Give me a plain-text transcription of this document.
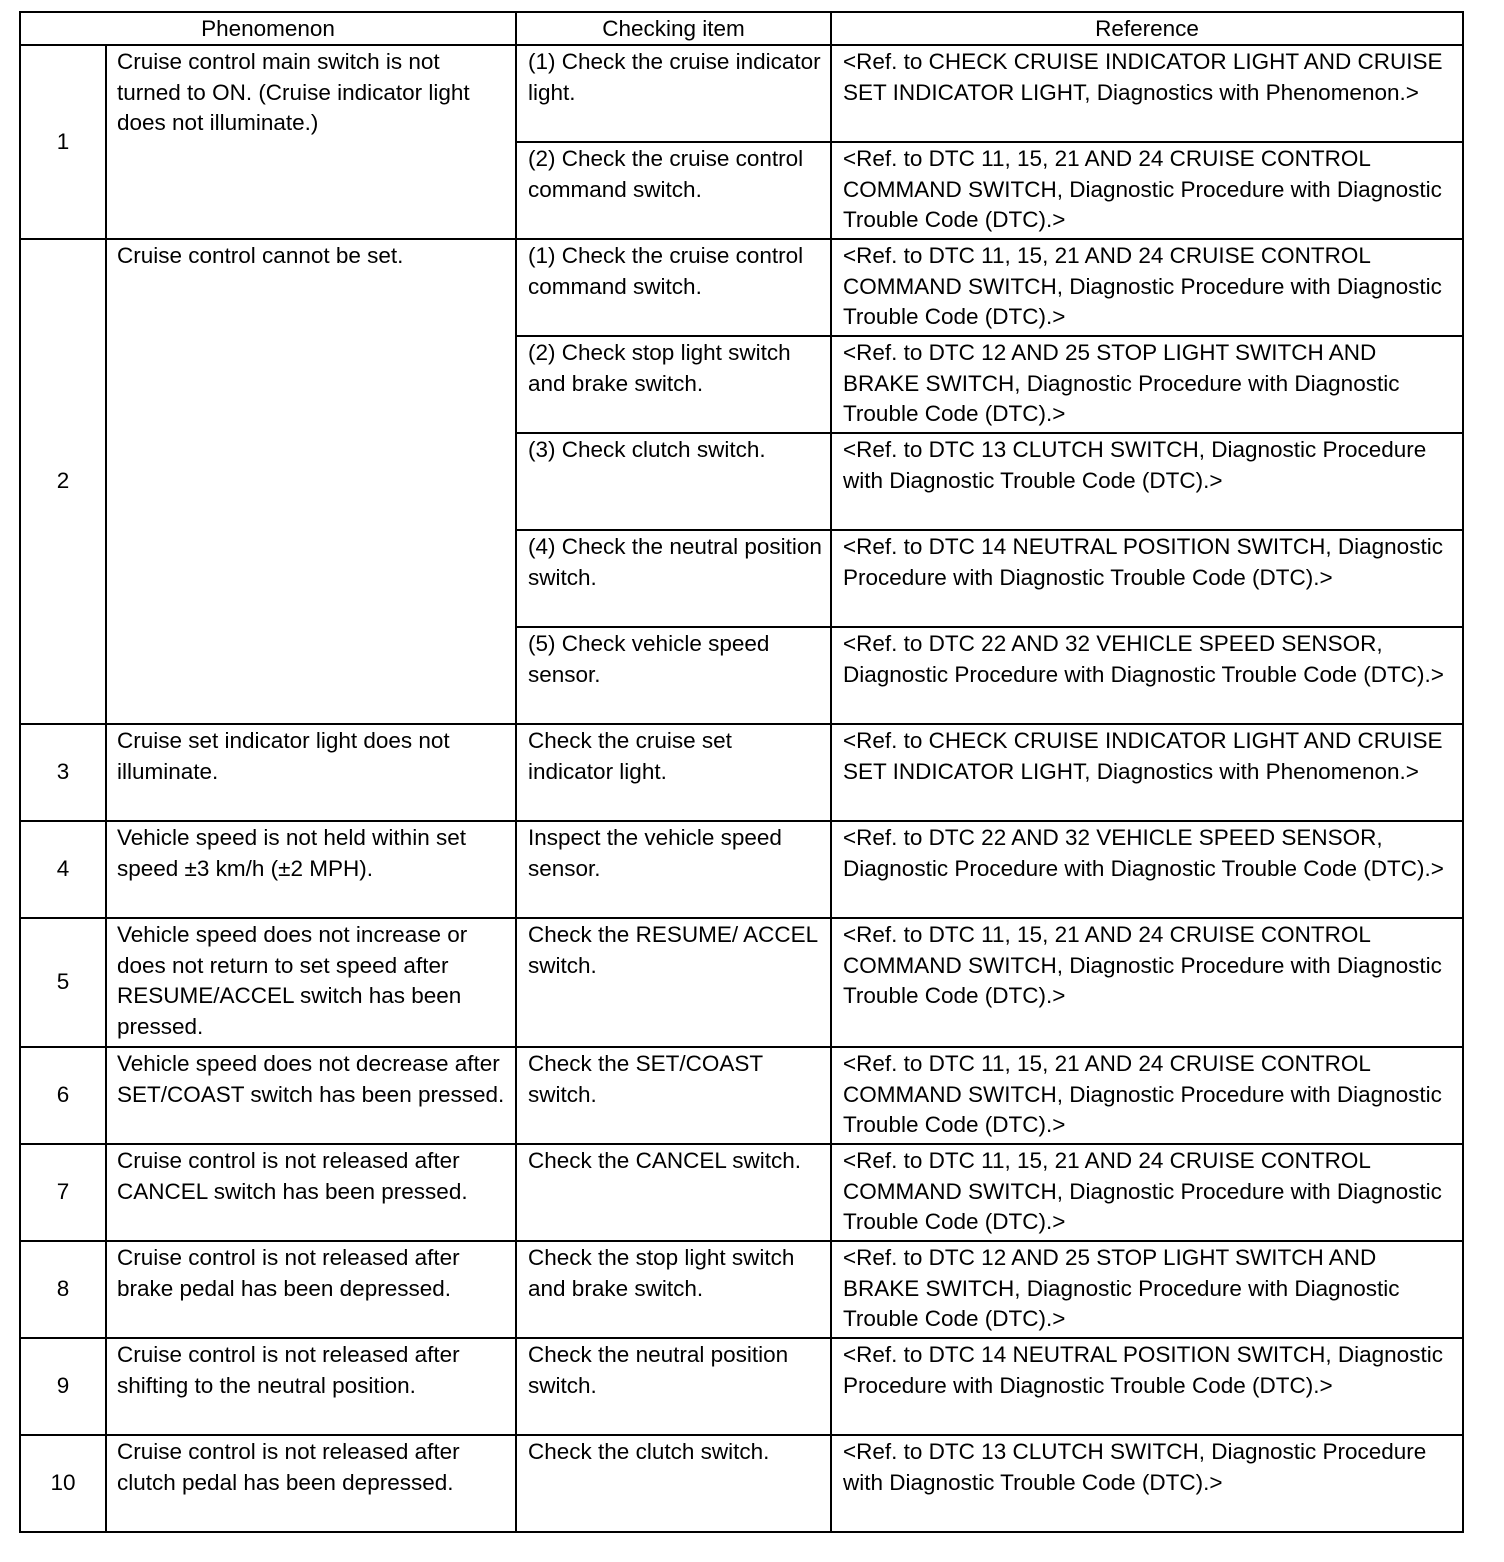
Phenomenon		Checking item	Reference
1	Cruise control main switch is not turned to ON. (Cruise indicator light does not illuminate.)	(1) Check the cruise indicator light.	<Ref. to CHECK CRUISE INDICATOR LIGHT AND CRUISE SET INDICATOR LIGHT, Diagnostics with Phenomenon.>
		(2) Check the cruise control command switch.	<Ref. to DTC 11, 15, 21 AND 24 CRUISE CONTROL COMMAND SWITCH, Diagnostic Procedure with Diagnostic Trouble Code (DTC).>
2	Cruise control cannot be set.	(1) Check the cruise control command switch.	<Ref. to DTC 11, 15, 21 AND 24 CRUISE CONTROL COMMAND SWITCH, Diagnostic Procedure with Diagnostic Trouble Code (DTC).>
		(2) Check stop light switch and brake switch.	<Ref. to DTC 12 AND 25 STOP LIGHT SWITCH AND BRAKE SWITCH, Diagnostic Procedure with Diagnostic Trouble Code (DTC).>
		(3) Check clutch switch.	<Ref. to DTC 13 CLUTCH SWITCH, Diagnostic Procedure with Diagnostic Trouble Code (DTC).>
		(4) Check the neutral position switch.	<Ref. to DTC 14 NEUTRAL POSITION SWITCH, Diagnostic Procedure with Diagnostic Trouble Code (DTC).>
		(5) Check vehicle speed sensor.	<Ref. to DTC 22 AND 32 VEHICLE SPEED SENSOR, Diagnostic Procedure with Diagnostic Trouble Code (DTC).>
3	Cruise set indicator light does not illuminate.	Check the cruise set indicator light.	<Ref. to CHECK CRUISE INDICATOR LIGHT AND CRUISE SET INDICATOR LIGHT, Diagnostics with Phenomenon.>
4	Vehicle speed is not held within set speed ±3 km/h (±2 MPH).	Inspect the vehicle speed sensor.	<Ref. to DTC 22 AND 32 VEHICLE SPEED SENSOR, Diagnostic Procedure with Diagnostic Trouble Code (DTC).>
5	Vehicle speed does not increase or does not return to set speed after RESUME/ACCEL switch has been pressed.	Check the RESUME/ ACCEL switch.	<Ref. to DTC 11, 15, 21 AND 24 CRUISE CONTROL COMMAND SWITCH, Diagnostic Procedure with Diagnostic Trouble Code (DTC).>
6	Vehicle speed does not decrease after SET/COAST switch has been pressed.	Check the SET/COAST switch.	<Ref. to DTC 11, 15, 21 AND 24 CRUISE CONTROL COMMAND SWITCH, Diagnostic Procedure with Diagnostic Trouble Code (DTC).>
7	Cruise control is not released after CANCEL switch has been pressed.	Check the CANCEL switch.	<Ref. to DTC 11, 15, 21 AND 24 CRUISE CONTROL COMMAND SWITCH, Diagnostic Procedure with Diagnostic Trouble Code (DTC).>
8	Cruise control is not released after brake pedal has been depressed.	Check the stop light switch and brake switch.	<Ref. to DTC 12 AND 25 STOP LIGHT SWITCH AND BRAKE SWITCH, Diagnostic Procedure with Diagnostic Trouble Code (DTC).>
9	Cruise control is not released after shifting to the neutral position.	Check the neutral position switch.	<Ref. to DTC 14 NEUTRAL POSITION SWITCH, Diagnostic Procedure with Diagnostic Trouble Code (DTC).>
10	Cruise control is not released after clutch pedal has been depressed.	Check the clutch switch.	<Ref. to DTC 13 CLUTCH SWITCH, Diagnostic Procedure with Diagnostic Trouble Code (DTC).>
